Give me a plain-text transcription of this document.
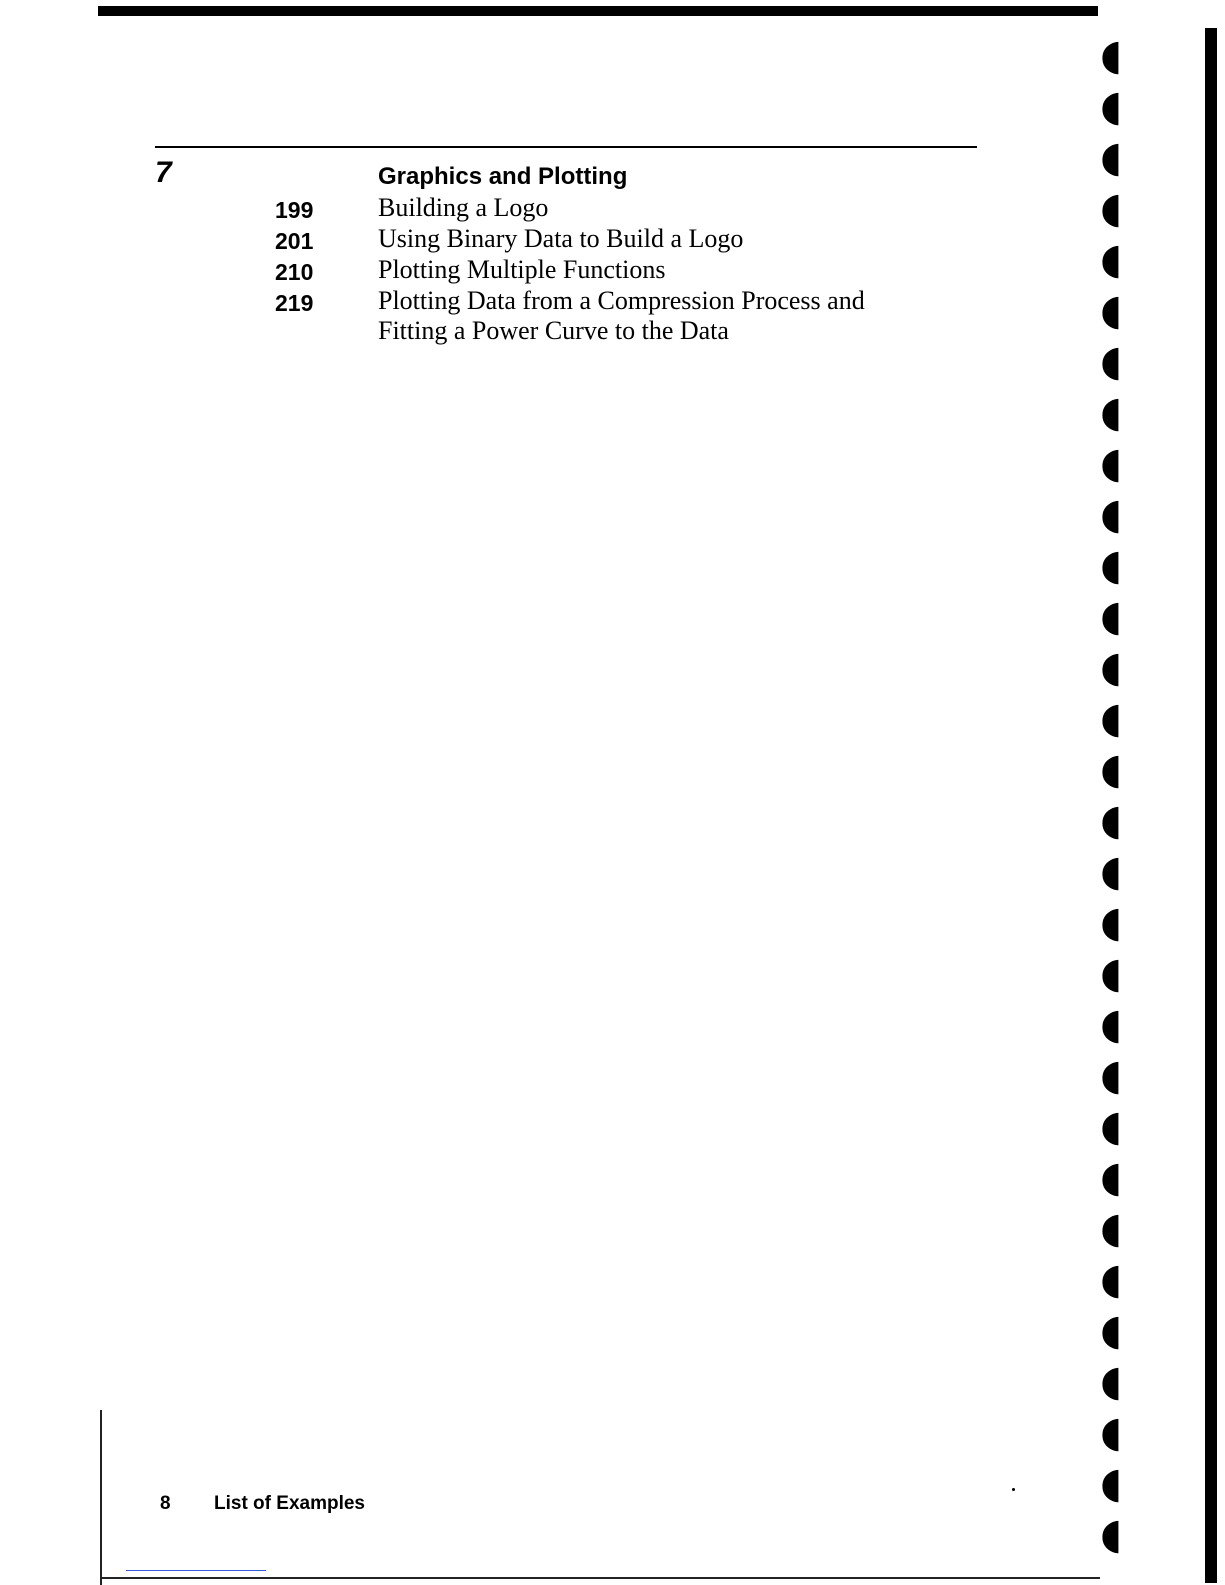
7	Graphics and Plotting
199	Building a Logo
201	Using Binary Data to Build a Logo
210	Plotting Multiple Functions
219	Plotting Data from a Compression Process and Fitting a Power Curve to the Data
8 List of Examples
◖
◖
◖
◖
◖
◖
◖
◖
◖
◖
◖
◖
◖
◖
◖
◖
◖
◖
◖
◖
◖
◖
◖
◖
◖
◖
◖
◖
◖
◖
